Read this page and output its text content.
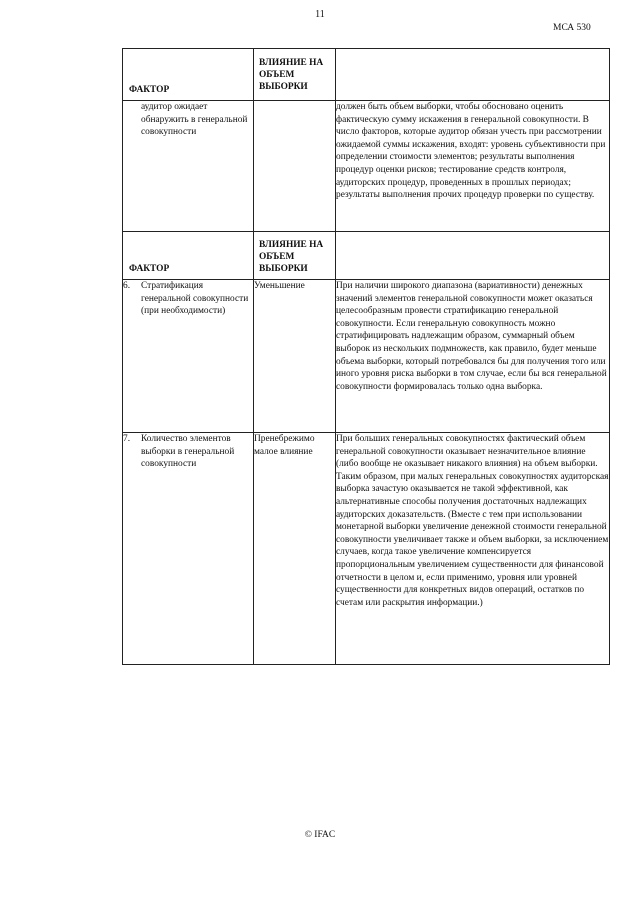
11
МСА 530
ФАКТОР	ВЛИЯНИЕ НА ОБЪЕМ ВЫБОРКИ	

аудитор ожидает обнаружить в генеральной совокупности		должен быть объем выборки, чтобы обосновано оценить фактическую сумму искажения в генеральной совокупности. В число факторов, которые аудитор обязан учесть при рассмотрении ожидаемой суммы искажения, входят: уровень субъективности при определении стоимости элементов; результаты выполнения процедур оценки рисков; тестирование средств контроля, аудиторских процедур, проведенных в прошлых периодах; результаты выполнения прочих процедур проверки по существу.
ФАКТОР	ВЛИЯНИЕ НА ОБЪЕМ ВЫБОРКИ	

6. Стратификация генеральной совокупности (при необходимости)	Уменьшение	При наличии широкого диапазона (вариативности) денежных значений элементов генеральной совокупности может оказаться целесообразным провести стратификацию генеральной совокупности. Если генеральную совокупность можно стратифицировать надлежащим образом, суммарный объем выборок из нескольких подмножеств, как правило, будет меньше объема выборки, который потребовался бы для получения того или иного уровня риска выборки в том случае, если бы вся генеральной совокупности формировалась только одна выборка.

7. Количество элементов выборки в генеральной совокупности	Пренебрежимо малое влияние	При больших генеральных совокупностях фактический объем генеральной совокупности оказывает незначительное влияние (либо вообще не оказывает никакого влияния) на объем выборки. Таким образом, при малых генеральных совокупностях аудиторская выборка зачастую оказывается не такой эффективной, как альтернативные способы получения достаточных надлежащих аудиторских доказательств. (Вместе с тем при использовании монетарной выборки увеличение денежной стоимости генеральной совокупности увеличивает также и объем выборки, за исключением случаев, когда такое увеличение компенсируется пропорциональным увеличением существенности для финансовой отчетности в целом и, если применимо, уровня или уровней существенности для конкретных видов операций, остатков по счетам или раскрытия информации.)
© IFAC
